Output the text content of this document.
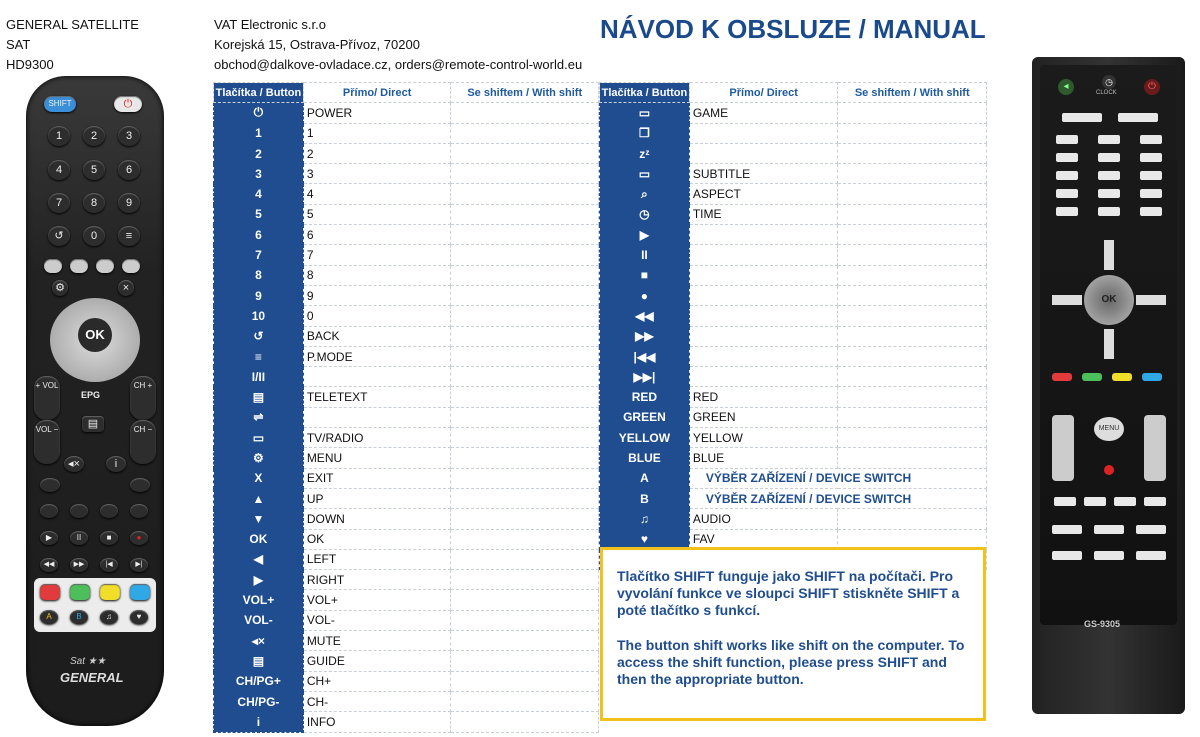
GENERAL SATELLITE
SAT
HD9300
VAT Electronic s.r.o
Korejská 15, Ostrava-Přívoz, 70200
obchod@dalkove-ovladace.cz, orders@remote-control-world.eu
NÁVOD K OBSLUZE / MANUAL
SHIFT	⏻
1	2	3
4	5	6
7	8	9
↺	0	≡
⚙	×
OK
+ VOL
VOL −
CH +
CH −
EPG
▤
◂×	i
▶	II	■	●
◀◀	▶▶	|◀	▶|
A	B	♫	♥
Sat ★★
GENERAL
Tlačítka / Button	Přímo/ Direct	Se shiftem / With shift
⏻	POWER	
1	1	
2	2	
3	3	
4	4	
5	5	
6	6	
7	7	
8	8	
9	9	
10	0	
↺	BACK	
≡	P.MODE	
I/II		
▤	TELETEXT	
⇌		
▭	TV/RADIO	
⚙	MENU	
X	EXIT	
▲	UP	
▼	DOWN	
OK	OK	
◀	LEFT	
▶	RIGHT	
VOL+	VOL+	
VOL-	VOL-	
◂×	MUTE	
▤	GUIDE	
CH/PG+	CH+	
CH/PG-	CH-	
i	INFO	
Tlačítka / Button	Přímo/ Direct	Se shiftem / With shift
▭	GAME	
❐		
zᶻ		
▭	SUBTITLE	
⌕	ASPECT	
◷	TIME	
▶		
II		
■		
●		
◀◀		
▶▶		
|◀◀		
▶▶|		
RED	RED	
GREEN	GREEN	
YELLOW	YELLOW	
BLUE	BLUE	
A	VÝBĚR ZAŘÍZENÍ / DEVICE SWITCH	
B	VÝBĚR ZAŘÍZENÍ / DEVICE SWITCH	
♫	AUDIO	
♥	FAV	

Tlačítko SHIFT funguje jako SHIFT na počítači. Pro vyvolání funkce ve sloupci SHIFT stiskněte SHIFT a poté tlačítko s funkcí.

The button shift works like shift on the computer. To access the shift function, please press SHIFT and then the appropriate button.

◂	◷
CLOCK
⏻
OK
MENU
GS-9305
